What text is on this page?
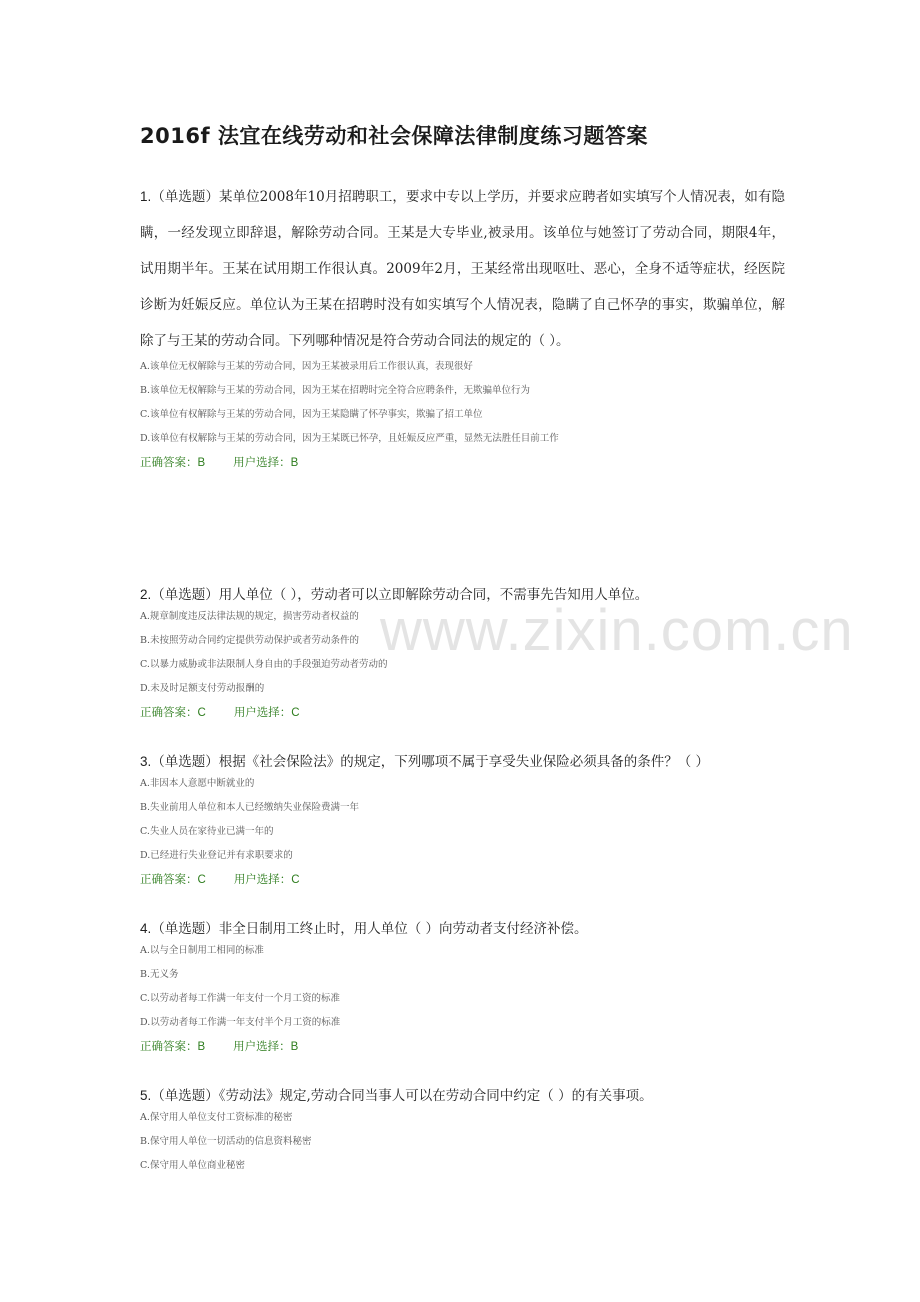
www.zixin.com.cn
2016f 法宜在线劳动和社会保障法律制度练习题答案

1.（单选题）某单位2008年10月招聘职工，要求中专以上学历，并要求应聘者如实填写个人情况表，如有隐瞒，一经发现立即辞退，解除劳动合同。王某是大专毕业,被录用。该单位与她签订了劳动合同，期限4年，试用期半年。王某在试用期工作很认真。2009年2月，王某经常出现呕吐、恶心，全身不适等症状，经医院诊断为妊娠反应。单位认为王某在招聘时没有如实填写个人情况表，隐瞒了自己怀孕的事实，欺骗单位，解除了与王某的劳动合同。下列哪种情况是符合劳动合同法的规定的（ ）。

A.该单位无权解除与王某的劳动合同，因为王某被录用后工作很认真，表现很好
B.该单位无权解除与王某的劳动合同，因为王某在招聘时完全符合应聘条件，无欺骗单位行为
C.该单位有权解除与王某的劳动合同，因为王某隐瞒了怀孕事实，欺骗了招工单位
D.该单位有权解除与王某的劳动合同，因为王某既已怀孕，且妊娠反应严重，显然无法胜任目前工作
正确答案：B 用户选择：B

2.（单选题）用人单位（ ），劳动者可以立即解除劳动合同，不需事先告知用人单位。

A.规章制度违反法律法规的规定，损害劳动者权益的
B.未按照劳动合同约定提供劳动保护或者劳动条件的
C.以暴力威胁或非法限制人身自由的手段强迫劳动者劳动的
D.未及时足额支付劳动报酬的
正确答案：C 用户选择：C

3.（单选题）根据《社会保险法》的规定，下列哪项不属于享受失业保险必须具备的条件？（ ）

A.非因本人意愿中断就业的
B.失业前用人单位和本人已经缴纳失业保险费满一年
C.失业人员在家待业已满一年的
D.已经进行失业登记并有求职要求的
正确答案：C 用户选择：C

4.（单选题）非全日制用工终止时，用人单位（ ）向劳动者支付经济补偿。

A.以与全日制用工相同的标准
B.无义务
C.以劳动者每工作满一年支付一个月工资的标准
D.以劳动者每工作满一年支付半个月工资的标准
正确答案：B 用户选择：B

5.（单选题）《劳动法》规定,劳动合同当事人可以在劳动合同中约定（ ）的有关事项。

A.保守用人单位支付工资标准的秘密
B.保守用人单位一切活动的信息资料秘密
C.保守用人单位商业秘密
